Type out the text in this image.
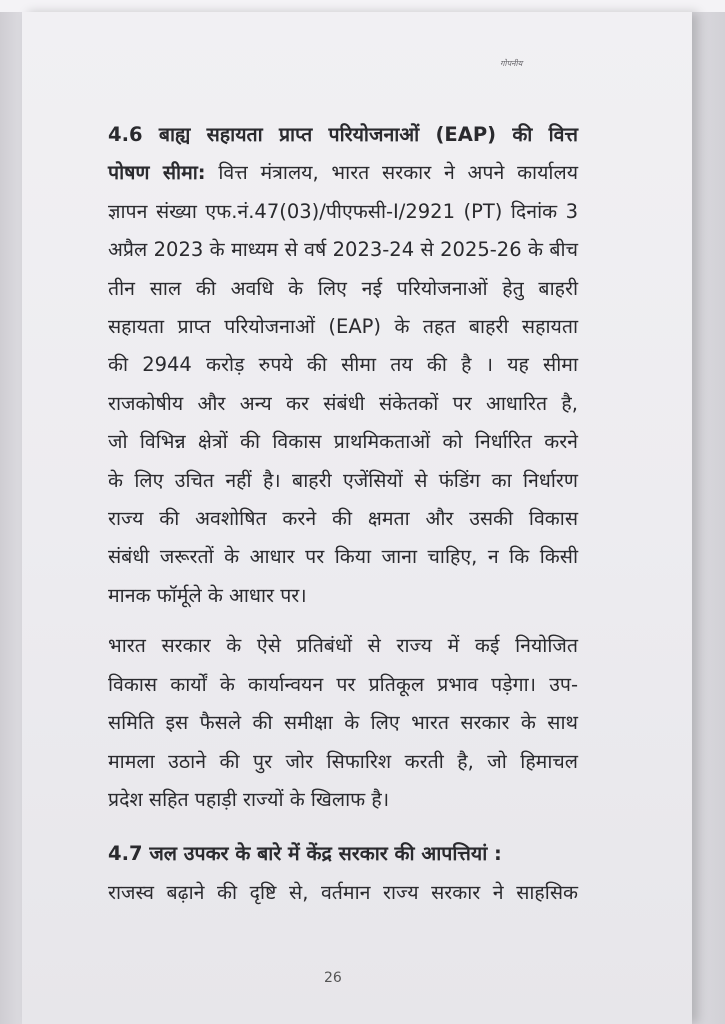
गोपनीय
4.6 बाह्य सहायता प्राप्त परियोजनाओं (EAP) की वित्त
पोषण सीमा: वित्त मंत्रालय, भारत सरकार ने अपने कार्यालय
ज्ञापन संख्या एफ.नं.47(03)/पीएफसी-I/2921 (PT) दिनांक 3
अप्रैल 2023 के माध्यम से वर्ष 2023-24 से 2025-26 के बीच
तीन साल की अवधि के लिए नई परियोजनाओं हेतु बाहरी
सहायता प्राप्त परियोजनाओं (EAP) के तहत बाहरी सहायता
की 2944 करोड़ रुपये की सीमा तय की है । यह सीमा
राजकोषीय और अन्य कर संबंधी संकेतकों पर आधारित है,
जो विभिन्न क्षेत्रों की विकास प्राथमिकताओं को निर्धारित करने
के लिए उचित नहीं है। बाहरी एजेंसियों से फंडिंग का निर्धारण
राज्य की अवशोषित करने की क्षमता और उसकी विकास
संबंधी जरूरतों के आधार पर किया जाना चाहिए, न कि किसी
मानक फॉर्मूले के आधार पर।
भारत सरकार के ऐसे प्रतिबंधों से राज्य में कई नियोजित
विकास कार्यों के कार्यान्वयन पर प्रतिकूल प्रभाव पड़ेगा। उप-
समिति इस फैसले की समीक्षा के लिए भारत सरकार के साथ
मामला उठाने की पुर जोर सिफारिश करती है, जो हिमाचल
प्रदेश सहित पहाड़ी राज्यों के खिलाफ है।
4.7 जल उपकर के बारे में केंद्र सरकार की आपत्तियां :
राजस्व बढ़ाने की दृष्टि से, वर्तमान राज्य सरकार ने साहसिक
26
